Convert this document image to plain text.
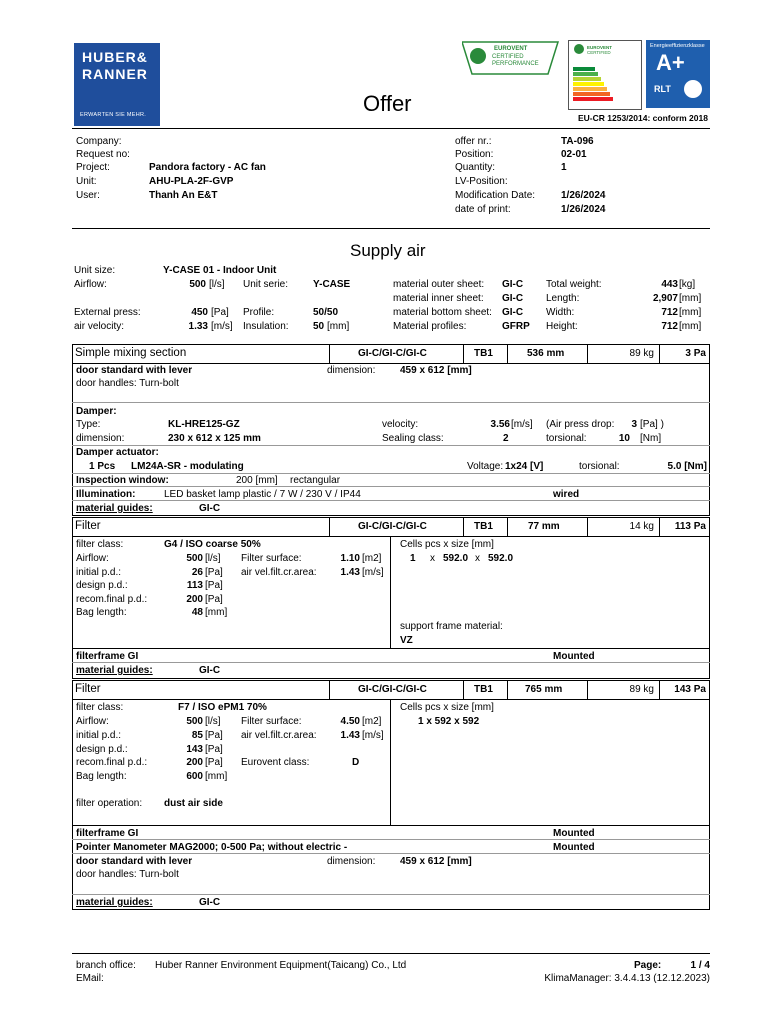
HUBER&
RANNER
ERWARTEN SIE MEHR.
EUROVENT
CERTIFIED
PERFORMANCE
EUROVENT
CERTIFIED
Energieeffizienzklasse
A+
RLT
Offer
EU-CR 1253/2014: conform 2018
Company:
Request no:
Project:	Pandora factory - AC fan
Unit:	AHU-PLA-2F-GVP
User:	Thanh An E&T
offer nr.:	TA-096
Position:	02-01
Quantity:	1
LV-Position:
Modification Date:	1/26/2024
date of print:	1/26/2024
Supply air
Unit size:	Y-CASE 01 - Indoor Unit
Airflow:	500 [l/s] Unit serie: Y-CASE
External press:	450 [Pa] Profile:	50/50
air velocity:	1.33 [m/s] Insulation: 50 [mm]
material outer sheet: GI-C
material inner sheet: GI-C
material bottom sheet: GI-C
Material profiles:	GFRP
Total weight:	443 [kg]
Length:	2,907 [mm]
Width:	712 [mm]
Height:	712 [mm]
Simple mixing section	GI-C/GI-C/GI-C	TB1	536 mm	89 kg	3 Pa
door standard with lever	dimension: 459 x 612 [mm]
door handles: Turn-bolt
Damper:
Type:	KL-HRE125-GZ	velocity:	3.56 [m/s] (Air press drop:	3 [Pa] )
dimension:	230 x 612 x 125 mm	Sealing class:	2	torsional:	10 [Nm]
Damper actuator:
1 Pcs LM24A-SR - modulating	Voltage: 1x24 [V]	torsional:	5.0 [Nm]
Inspection window:	200 [mm] rectangular
Illumination:	LED basket lamp plastic / 7 W / 230 V / IP44	wired
material guides:	GI-C
Filter	GI-C/GI-C/GI-C	TB1	77 mm	14 kg	113 Pa
filter class:	G4 / ISO coarse 50%
Airflow:	500 [l/s]
initial p.d.:	26 [Pa]
design p.d.:	113 [Pa]
recom.final p.d.:	200 [Pa]
Bag length:	48 [mm]
Filter surface:	1.10 [m2]
air vel.filt.cr.area:	1.43 [m/s]
Cells pcs x size [mm]
1 x 592.0 x 592.0
support frame material:
VZ
filterframe GI	Mounted
material guides:	GI-C
Filter	GI-C/GI-C/GI-C	TB1	765 mm	89 kg	143 Pa
filter class:	F7 / ISO ePM1 70%
Airflow:	500 [l/s]
initial p.d.:	85 [Pa]
design p.d.:	143 [Pa]
recom.final p.d.:	200 [Pa]
Bag length:	600 [mm]
Filter surface:	4.50 [m2]
air vel.filt.cr.area:	1.43 [m/s]
Eurovent class:	D
filter operation: dust air side
Cells pcs x size [mm]
1 x 592 x 592
filterframe GI	Mounted
Pointer Manometer MAG2000; 0-500 Pa; without electric -	Mounted
door standard with lever	dimension: 459 x 612 [mm]
door handles: Turn-bolt
material guides:	GI-C
branch office: Huber Ranner Environment Equipment(Taicang) Co., Ltd
EMail:
Page:	1 / 4
KlimaManager: 3.4.4.13 (12.12.2023)
